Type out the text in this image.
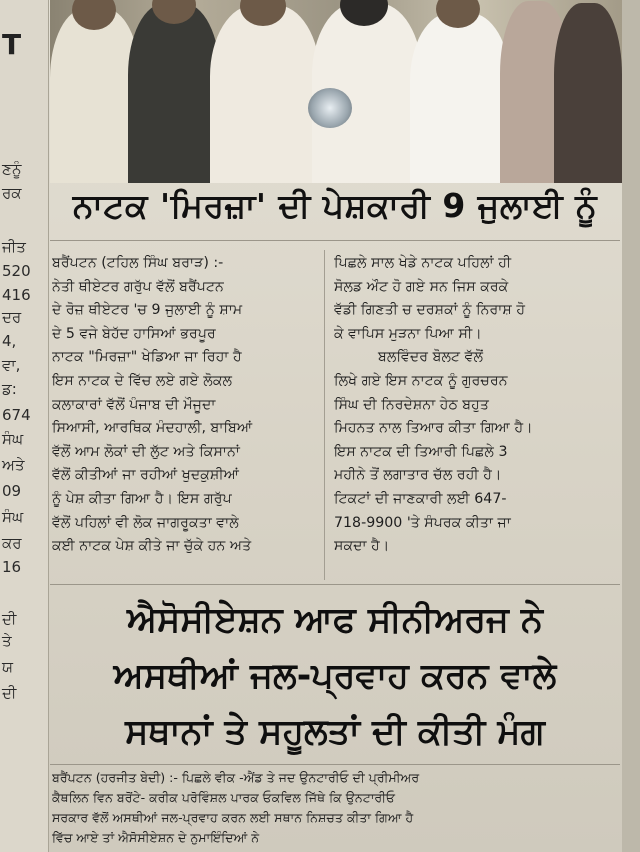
T
ਣਨੂੰ
ਰਕ
ਜੀਤ
520
416
ਦਰ
4,
ਵਾ,
ਡ:
674
ਸੰਘ
ਅਤੇ
09
ਸੰਘ
ਕਰ
16
ਦੀ
ਤੇ
ਯ
ਦੀ
ਨਾਟਕ 'ਮਿਰਜ਼ਾ' ਦੀ ਪੇਸ਼ਕਾਰੀ 9 ਜੁਲਾਈ ਨੂੰ
ਬਰੈਂਪਟਨ (ਟਹਿਲ ਸਿੰਘ ਬਰਾੜ) :-
ਨੇਤੀ ਥੀਏਟਰ ਗਰੁੱਪ ਵੱਲੋਂ ਬਰੈਂਪਟਨ
ਦੇ ਰੋਜ਼ ਥੀਏਟਰ 'ਚ 9 ਜੁਲਾਈ ਨੂੰ ਸ਼ਾਮ
ਦੇ 5 ਵਜੇ ਬੇਹੱਦ ਹਾਸਿਆਂ ਭਰਪੂਰ
ਨਾਟਕ "ਮਿਰਜ਼ਾ" ਖੇਡਿਆ ਜਾ ਰਿਹਾ ਹੈ
ਇਸ ਨਾਟਕ ਦੇ ਵਿੱਚ ਲਏ ਗਏ ਲੋਕਲ
ਕਲਾਕਾਰਾਂ ਵੱਲੋਂ ਪੰਜਾਬ ਦੀ ਮੌਜੂਦਾ
ਸਿਆਸੀ, ਆਰਥਿਕ ਮੰਦਹਾਲੀ, ਬਾਬਿਆਂ
ਵੱਲੋਂ ਆਮ ਲੋਕਾਂ ਦੀ ਲੁੱਟ ਅਤੇ ਕਿਸਾਨਾਂ
ਵੱਲੋਂ ਕੀਤੀਆਂ ਜਾ ਰਹੀਆਂ ਖੁਦਕੁਸ਼ੀਆਂ
ਨੂੰ ਪੇਸ਼ ਕੀਤਾ ਗਿਆ ਹੈ। ਇਸ ਗਰੁੱਪ
ਵੱਲੋਂ ਪਹਿਲਾਂ ਵੀ ਲੋਕ ਜਾਗਰੂਕਤਾ ਵਾਲੇ
ਕਈ ਨਾਟਕ ਪੇਸ਼ ਕੀਤੇ ਜਾ ਚੁੱਕੇ ਹਨ ਅਤੇ
ਪਿਛਲੇ ਸਾਲ ਖੇਡੇ ਨਾਟਕ ਪਹਿਲਾਂ ਹੀ
ਸੋਲਡ ਔਟ ਹੋ ਗਏ ਸਨ ਜਿਸ ਕਰਕੇ
ਵੱਡੀ ਗਿਣਤੀ ਚ ਦਰਸ਼ਕਾਂ ਨੂੰ ਨਿਰਾਸ਼ ਹੋ
ਕੇ ਵਾਪਿਸ ਮੁੜਨਾ ਪਿਆ ਸੀ।
ਬਲਵਿੰਦਰ ਬੋਲਟ ਵੱਲੋਂ
ਲਿਖੇ ਗਏ ਇਸ ਨਾਟਕ ਨੂੰ ਗੁਰਚਰਨ
ਸਿੰਘ ਦੀ ਨਿਰਦੇਸ਼ਨਾ ਹੇਠ ਬਹੁਤ
ਮਿਹਨਤ ਨਾਲ ਤਿਆਰ ਕੀਤਾ ਗਿਆ ਹੈ।
ਇਸ ਨਾਟਕ ਦੀ ਤਿਆਰੀ ਪਿਛਲੇ 3
ਮਹੀਨੇ ਤੋਂ ਲਗਾਤਾਰ ਚੱਲ ਰਹੀ ਹੈ।
ਟਿਕਟਾਂ ਦੀ ਜਾਣਕਾਰੀ ਲਈ 647-
718-9900 'ਤੇ ਸੰਪਰਕ ਕੀਤਾ ਜਾ
ਸਕਦਾ ਹੈ।
ਐਸੋਸੀਏਸ਼ਨ ਆਫ ਸੀਨੀਅਰਜ ਨੇ
ਅਸਥੀਆਂ ਜਲ-ਪ੍ਰਵਾਹ ਕਰਨ ਵਾਲੇ
ਸਥਾਨਾਂ ਤੇ ਸਹੂਲਤਾਂ ਦੀ ਕੀਤੀ ਮੰਗ
ਬਰੈਂਪਟਨ (ਹਰਜੀਤ ਬੇਦੀ) :- ਪਿਛਲੇ ਵੀਕ -ਐਂਡ ਤੇ ਜਦ ਉਨਟਾਰੀਓ ਦੀ ਪ੍ਰੀਮੀਅਰ
ਕੈਥਲਿਨ ਵਿਨ ਬਰੋਂਟੇ- ਕਰੀਕ ਪਰੋਵਿੰਸ਼ਲ ਪਾਰਕ ਓਕਵਿਲ ਜਿੱਥੇ ਕਿ ਉਨਟਾਰੀਓ
ਸਰਕਾਰ ਵੱਲੋਂ ਅਸਥੀਆਂ ਜਲ-ਪ੍ਰਵਾਹ ਕਰਨ ਲਈ ਸਥਾਨ ਨਿਸ਼ਚਤ ਕੀਤਾ ਗਿਆ ਹੈ
ਵਿੱਚ ਆਏ ਤਾਂ ਐਸੋਸੀਏਸ਼ਨ ਦੇ ਨੁਮਾਇੰਦਿਆਂ ਨੇ
